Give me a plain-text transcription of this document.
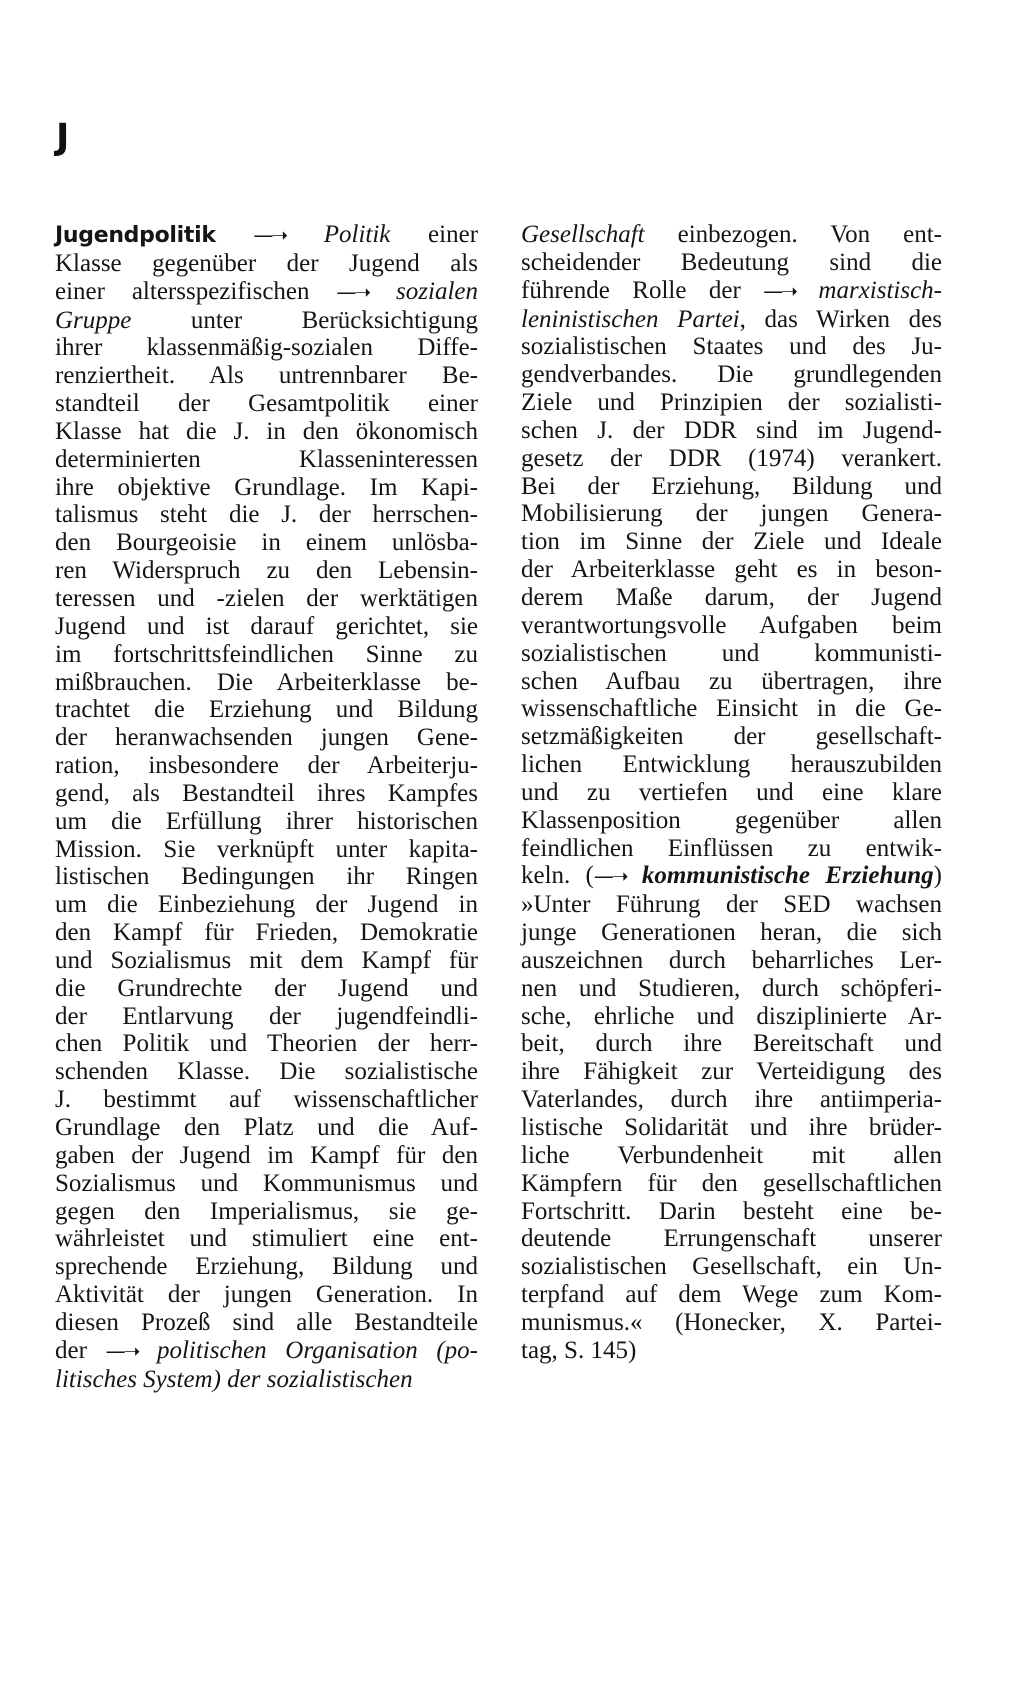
J
Jugendpolitik —➝ Politik einer
Klasse gegenüber der Jugend als
einer altersspezifischen —➝ sozialen
Gruppe unter Berücksichtigung
ihrer klassenmäßig-sozialen Diffe-
renziertheit. Als untrennbarer Be-
standteil der Gesamtpolitik einer
Klasse hat die J. in den ökonomisch
determinierten Klasseninteressen
ihre objektive Grundlage. Im Kapi-
talismus steht die J. der herrschen-
den Bourgeoisie in einem unlösba-
ren Widerspruch zu den Lebensin-
teressen und -zielen der werktätigen
Jugend und ist darauf gerichtet, sie
im fortschrittsfeindlichen Sinne zu
mißbrauchen. Die Arbeiterklasse be-
trachtet die Erziehung und Bildung
der heranwachsenden jungen Gene-
ration, insbesondere der Arbeiterju-
gend, als Bestandteil ihres Kampfes
um die Erfüllung ihrer historischen
Mission. Sie verknüpft unter kapita-
listischen Bedingungen ihr Ringen
um die Einbeziehung der Jugend in
den Kampf für Frieden, Demokratie
und Sozialismus mit dem Kampf für
die Grundrechte der Jugend und
der Entlarvung der jugendfeindli-
chen Politik und Theorien der herr-
schenden Klasse. Die sozialistische
J. bestimmt auf wissenschaftlicher
Grundlage den Platz und die Auf-
gaben der Jugend im Kampf für den
Sozialismus und Kommunismus und
gegen den Imperialismus, sie ge-
währleistet und stimuliert eine ent-
sprechende Erziehung, Bildung und
Aktivität der jungen Generation. In
diesen Prozeß sind alle Bestandteile
der —➝ politischen Organisation (po-
litisches System) der sozialistischen
Gesellschaft einbezogen. Von ent-
scheidender Bedeutung sind die
führende Rolle der —➝ marxistisch-
leninistischen Partei, das Wirken des
sozialistischen Staates und des Ju-
gendverbandes. Die grundlegenden
Ziele und Prinzipien der sozialisti-
schen J. der DDR sind im Jugend-
gesetz der DDR (1974) verankert.
Bei der Erziehung, Bildung und
Mobilisierung der jungen Genera-
tion im Sinne der Ziele und Ideale
der Arbeiterklasse geht es in beson-
derem Maße darum, der Jugend
verantwortungsvolle Aufgaben beim
sozialistischen und kommunisti-
schen Aufbau zu übertragen, ihre
wissenschaftliche Einsicht in die Ge-
setzmäßigkeiten der gesellschaft-
lichen Entwicklung herauszubilden
und zu vertiefen und eine klare
Klassenposition gegenüber allen
feindlichen Einflüssen zu entwik-
keln. (—➝ kommunistische Erziehung)
»Unter Führung der SED wachsen
junge Generationen heran, die sich
auszeichnen durch beharrliches Ler-
nen und Studieren, durch schöpferi-
sche, ehrliche und disziplinierte Ar-
beit, durch ihre Bereitschaft und
ihre Fähigkeit zur Verteidigung des
Vaterlandes, durch ihre antiimperia-
listische Solidarität und ihre brüder-
liche Verbundenheit mit allen
Kämpfern für den gesellschaftlichen
Fortschritt. Darin besteht eine be-
deutende Errungenschaft unserer
sozialistischen Gesellschaft, ein Un-
terpfand auf dem Wege zum Kom-
munismus.« (Honecker, X. Partei-
tag, S. 145)
